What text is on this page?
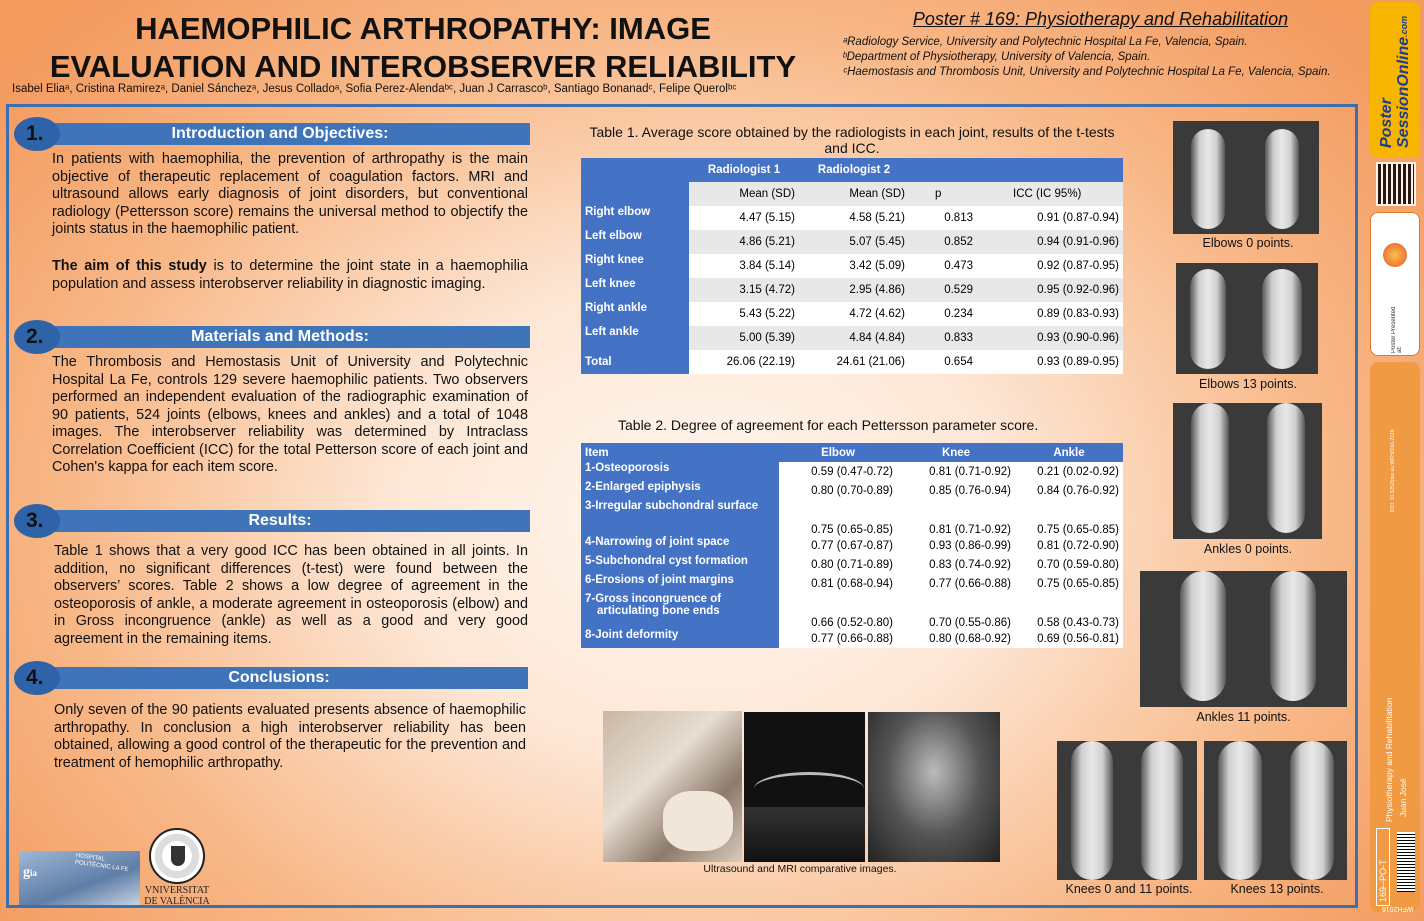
HAEMOPHILIC ARTHROPATHY: IMAGE
EVALUATION AND INTEROBSERVER RELIABILITY
Isabel Eliaᵃ, Cristina Ramirezᵃ, Daniel Sánchezᵃ, Jesus Colladoᵃ, Sofia Perez-Alendaᵇᶜ, Juan J Carrascoᵇ, Santiago Bonanadᶜ, Felipe Querolᵇᶜ
Poster # 169: Physiotherapy and Rehabilitation
ᵃRadiology Service, University and Polytechnic Hospital La Fe, Valencia, Spain.
ᵇDepartment of Physiotherapy, University of Valencia, Spain.
ᶜHaemostasis and Thrombosis Unit, University and Polytechnic Hospital La Fe, Valencia, Spain.
Introduction and Objectives:
1.

In patients with haemophilia, the prevention of arthropathy is the main objective of therapeutic replacement of coagulation factors. MRI and ultrasound allows early diagnosis of joint disorders, but conventional radiology (Pettersson score) remains the universal method to objectify the joints status in the haemophilic patient.

The aim of this study is to determine the joint state in a haemophilia population and assess interobserver reliability in diagnostic imaging.

Materials and Methods:
2.

The Thrombosis and Hemostasis Unit of University and Polytechnic Hospital La Fe, controls 129 severe haemophilic patients. Two observers performed an independent evaluation of the radiographic examination of 90 patients, 524 joints (elbows, knees and ankles) and a total of 1048 images. The interobserver reliability was determined by Intraclass Correlation Coefficient (ICC) for the total Petterson score of each joint and Cohen's kappa for each item score.

Results:
3.

Table 1 shows that a very good ICC has been obtained in all joints. In addition, no significant differences (t-test) were found between the observers’ scores. Table 2 shows a low degree of agreement in the osteoporosis of ankle, a moderate agreement in osteoporosis (elbow) and in Gross incongruence (ankle) as well as a good and very good agreement in the remaining items.

Conclusions:
4.

Only seven of the 90 patients evaluated presents absence of haemophilic arthropathy. In conclusion a high interobserver reliability has been obtained, allowing a good control of the therapeutic for the prevention and treatment of hemophilic arthropathy.

gia
HOSPITAL POLITÈCNIC LA FE
VNIVERSITAT
DE VALÈNCIA
Table 1. Average score obtained by the radiologists in each joint, results of the t-tests and ICC.
	Radiologist 1	Radiologist 2		
	Mean (SD)	Mean (SD)	p	ICC (IC 95%)
Right elbow	4.47 (5.15)	4.58 (5.21)	0.813	0.91 (0.87-0.94)
Left elbow	4.86 (5.21)	5.07 (5.45)	0.852	0.94 (0.91-0.96)
Right knee	3.84 (5.14)	3.42 (5.09)	0.473	0.92 (0.87-0.95)
Left knee	3.15 (4.72)	2.95 (4.86)	0.529	0.95 (0.92-0.96)
Right ankle	5.43 (5.22)	4.72 (4.62)	0.234	0.89 (0.83-0.93)
Left ankle	5.00 (5.39)	4.84 (4.84)	0.833	0.93 (0.90-0.96)
Total	26.06 (22.19)	24.61 (21.06)	0.654	0.93 (0.89-0.95)
Table 2. Degree of agreement for each Pettersson parameter score.
Item	Elbow	Knee	Ankle
1-Osteoporosis	0.59 (0.47-0.72)	0.81 (0.71-0.92)	0.21 (0.02-0.92)
2-Enlarged epiphysis	0.80 (0.70-0.89)	0.85 (0.76-0.94)	0.84 (0.76-0.92)
3-Irregular subchondral surface	0.75 (0.65-0.85)	0.81 (0.71-0.92)	0.75 (0.65-0.85)
4-Narrowing of joint space	0.77 (0.67-0.87)	0.93 (0.86-0.99)	0.81 (0.72-0.90)
5-Subchondral cyst formation	0.80 (0.71-0.89)	0.83 (0.74-0.92)	0.70 (0.59-0.80)
6-Erosions of joint margins	0.81 (0.68-0.94)	0.77 (0.66-0.88)	0.75 (0.65-0.85)

7-Gross incongruence of
articulating bone ends	0.66 (0.52-0.80)	0.70 (0.55-0.86)	0.58 (0.43-0.73)
8-Joint deformity	0.77 (0.66-0.88)	0.80 (0.68-0.92)	0.69 (0.56-0.81)
Ultrasound and MRI comparative images.
Elbows 0 points.
Elbows 13 points.
Ankles 0 points.
Ankles 11 points.
Knees 0 and 11 points.	Knees 13 points.
Poster
SessionOnline.com
Poster Presented at:
DOI: 10.3252/pso.eu.WFH2016.2016
Physiotherapy and Rehabilitation Juan José
169--PO-T
WFH2016
